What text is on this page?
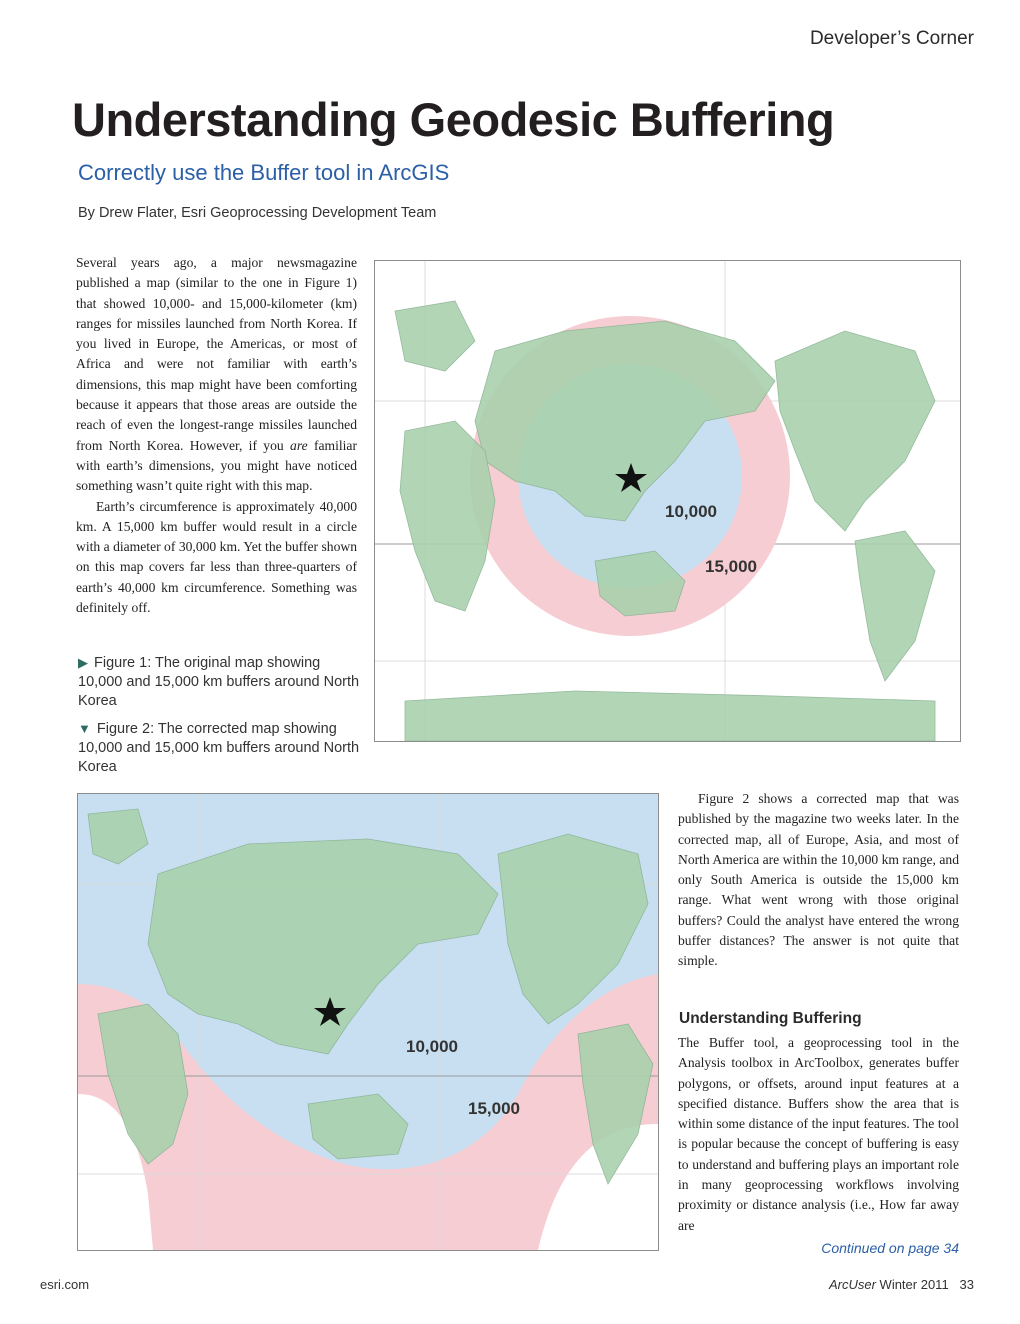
Developer’s Corner
Understanding Geodesic Buffering
Correctly use the Buffer tool in ArcGIS
By Drew Flater, Esri Geoprocessing Development Team

Several years ago, a major newsmagazine published a map (similar to the one in Figure 1) that showed 10,000- and 15,000-kilometer (km) ranges for missiles launched from North Korea. If you lived in Europe, the Americas, or most of Africa and were not familiar with earth’s dimensions, this map might have been comforting because it appears that those areas are outside the reach of even the longest-range missiles launched from North Korea. However, if you are familiar with earth’s dimensions, you might have noticed something wasn’t quite right with this map.

Earth’s circumference is approximately 40,000 km. A 15,000 km buffer would result in a circle with a diameter of 30,000 km. Yet the buffer shown on this map covers far less than three-quarters of earth’s 40,000 km circumference. Something was definitely off.

▶ Figure 1: The original map showing 10,000 and 15,000 km buffers around North Korea
▼ Figure 2: The corrected map showing 10,000 and 15,000 km buffers around North Korea
10,000
15,000
10,000
15,000

Figure 2 shows a corrected map that was published by the magazine two weeks later. In the corrected map, all of Europe, Asia, and most of North America are within the 10,000 km range, and only South America is outside the 15,000 km range. What went wrong with those original buffers? Could the analyst have entered the wrong buffer distances? The answer is not quite that simple.

Understanding Buffering

The Buffer tool, a geoprocessing tool in the Analysis toolbox in ArcToolbox, generates buffer polygons, or offsets, around input features at a specified distance. Buffers show the area that is within some distance of the input features. The tool is popular because the concept of buffering is easy to understand and buffering plays an important role in many geoprocessing workflows involving proximity or distance analysis (i.e., How far away are

Continued on page 34
esri.com	ArcUser Winter 2011 33
